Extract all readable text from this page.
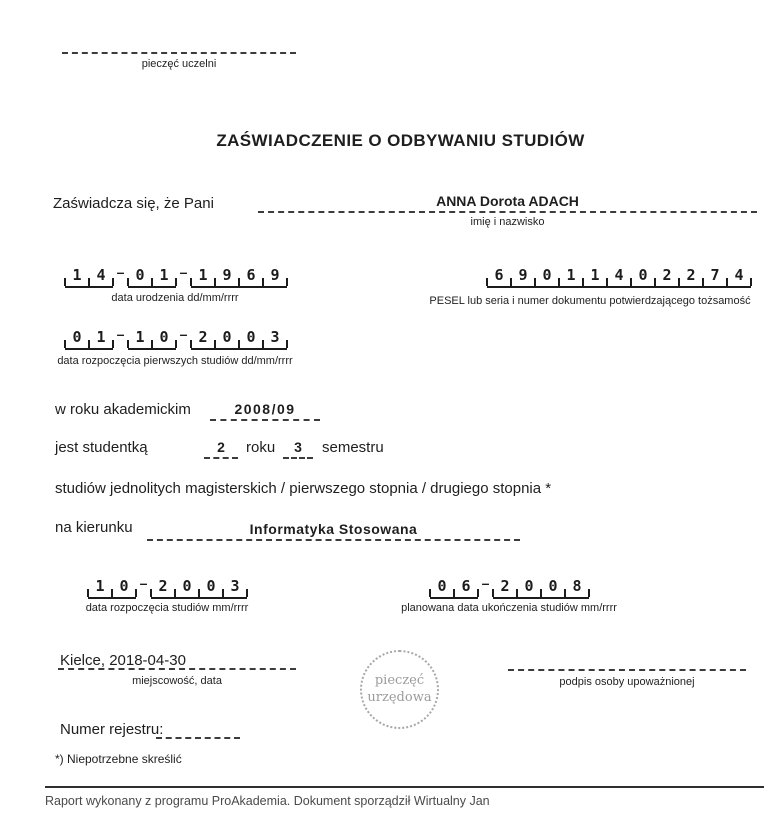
pieczęć uczelni
ZAŚWIADCZENIE O ODBYWANIU STUDIÓW
Zaświadcza się, że Pani	ANNA Dorota ADACH
imię i nazwisko
1 4 – 0 1 – 1 9 6 9
data urodzenia dd/mm/rrrr
6 9 0 1 1 4 0 2 2 7 4
PESEL lub seria i numer dokumentu potwierdzającego tożsamość
0 1 – 1 0 – 2 0 0 3
data rozpoczęcia pierwszych studiów dd/mm/rrrr
w roku akademickim	2008/09
jest studentką	2 roku 3 semestru
studiów jednolitych magisterskich / pierwszego stopnia / drugiego stopnia *
na kierunku	Informatyka Stosowana
1 0 – 2 0 0 3
data rozpoczęcia studiów mm/rrrr
0 6 – 2 0 0 8
planowana data ukończenia studiów mm/rrrr
Kielce, 2018-04-30
miejscowość, data	pieczęć
urzędowa
podpis osoby upoważnionej
Numer rejestru:
*) Niepotrzebne skreślić
Raport wykonany z programu ProAkademia. Dokument sporządził Wirtualny Jan
